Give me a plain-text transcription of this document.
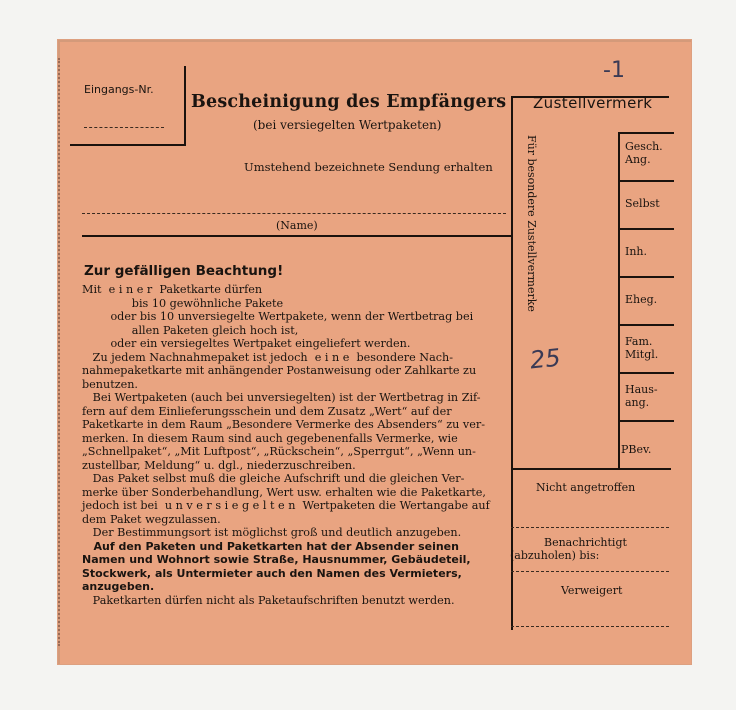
Eingangs-Nr.
Bescheinigung des Empfängers
(bei versiegelten Wertpaketen)
Zustellvermerk
-1
Umstehend bezeichnete Sendung erhalten
(Name)	Für besondere Zustellvermerke	Gesch.
Ang.
Selbst
Inh.
Eheg.
Fam.
Mitgl.
Haus-
ang.
PBev.
25
Nicht angetroffen
Benachrichtigt
(abzuholen) bis:
Verweigert
Zur gefälligen Beachtung!
Mit  e i n e r  Paketkarte dürfen
bis 10 gewöhnliche Pakete
oder bis 10 unversiegelte Wertpakete, wenn der Wertbetrag bei
allen Paketen gleich hoch ist,
oder ein versiegeltes Wertpaket eingeliefert werden.
Zu jedem Nachnahmepaket ist jedoch  e i n e  besondere Nach-
nahmepaketkarte mit anhängender Postanweisung oder Zahlkarte zu
benutzen.
Bei Wertpaketen (auch bei unversiegelten) ist der Wertbetrag in Zif-
fern auf dem Einlieferungsschein und dem Zusatz „Wert“ auf der
Paketkarte in dem Raum „Besondere Vermerke des Absenders“ zu ver-
merken. In diesem Raum sind auch gegebenenfalls Vermerke, wie
„Schnellpaket“, „Mit Luftpost“, „Rückschein“, „Sperrgut“, „Wenn un-
zustellbar, Meldung“ u. dgl., niederzuschreiben.
Das Paket selbst muß die gleiche Aufschrift und die gleichen Ver-
merke über Sonderbehandlung, Wert usw. erhalten wie die Paketkarte,
jedoch ist bei  u n v e r s i e g e l t e n  Wertpaketen die Wertangabe auf
dem Paket wegzulassen.
Der Bestimmungsort ist möglichst groß und deutlich anzugeben.
Auf den Paketen und Paketkarten hat der Absender seinen
Namen und Wohnort sowie Straße, Hausnummer, Gebäudeteil,
Stockwerk, als Untermieter auch den Namen des Vermieters,
anzugeben.
Paketkarten dürfen nicht als Paketaufschriften benutzt werden.
